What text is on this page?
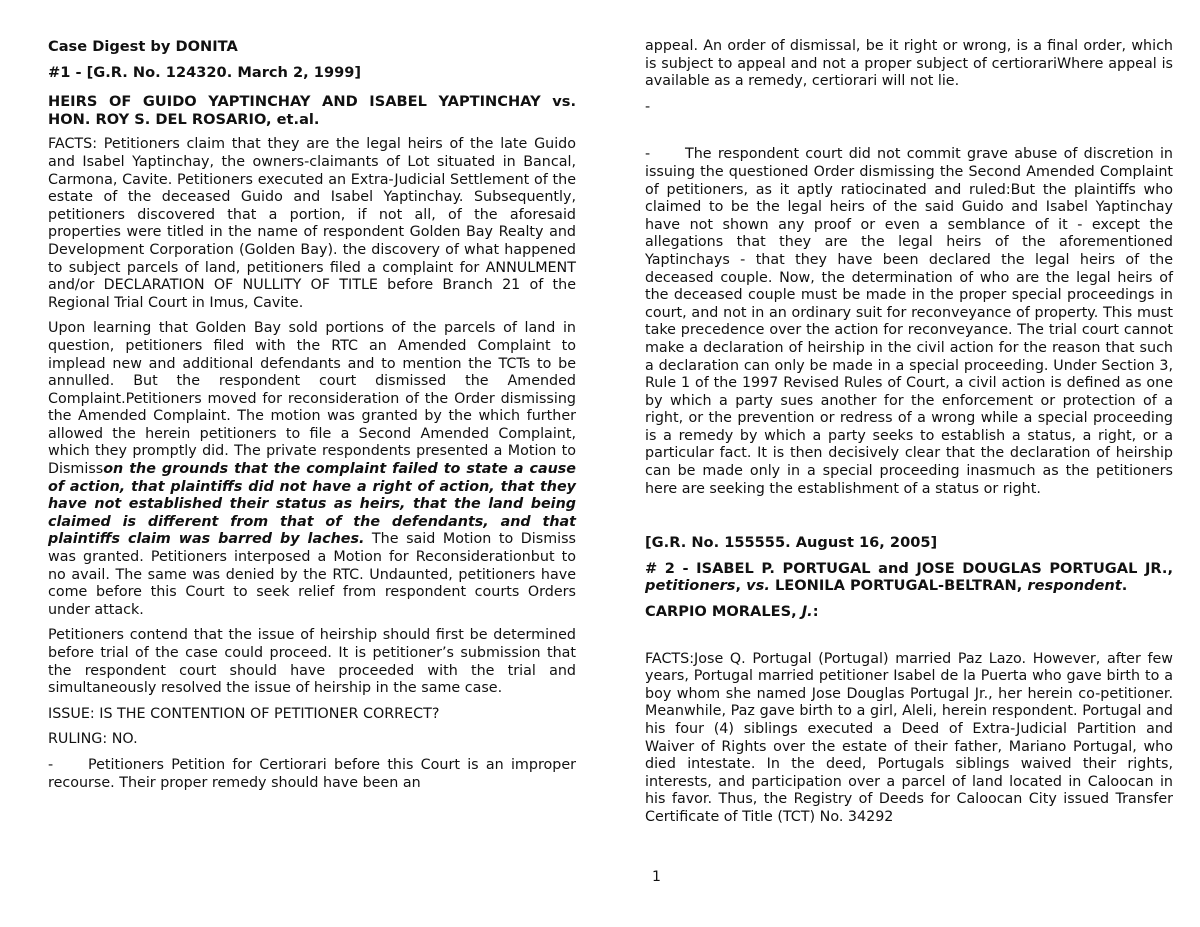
Case Digest by DONITA

#1 - [G.R. No. 124320. March 2, 1999]

HEIRS OF GUIDO YAPTINCHAY AND ISABEL YAPTINCHAY vs. HON. ROY S. DEL ROSARIO, et.al.

FACTS: Petitioners claim that they are the legal heirs of the late Guido and Isabel Yaptinchay, the owners-claimants of Lot situated in Bancal, Carmona, Cavite. Petitioners executed an Extra-Judicial Settlement of the estate of the deceased Guido and Isabel Yaptinchay. Subsequently, petitioners discovered that a portion, if not all, of the aforesaid properties were titled in the name of respondent Golden Bay Realty and Development Corporation (Golden Bay). the discovery of what happened to subject parcels of land, petitioners filed a complaint for ANNULMENT and/or DECLARATION OF NULLITY OF TITLE before Branch 21 of the Regional Trial Court in Imus, Cavite.

Upon learning that Golden Bay sold portions of the parcels of land in question, petitioners filed with the RTC an Amended Complaint to implead new and additional defendants and to mention the TCTs to be annulled. But the respondent court dismissed the Amended Complaint.Petitioners moved for reconsideration of the Order dismissing the Amended Complaint. The motion was granted by the which further allowed the herein petitioners to file a Second Amended Complaint, which they promptly did. The private respondents presented a Motion to Dismisson the grounds that the complaint failed to state a cause of action, that plaintiffs did not have a right of action, that they have not established their status as heirs, that the land being claimed is different from that of the defendants, and that plaintiffs claim was barred by laches. The said Motion to Dismiss was granted. Petitioners interposed a Motion for Reconsiderationbut to no avail. The same was denied by the RTC. Undaunted, petitioners have come before this Court to seek relief from respondent courts Orders under attack.

Petitioners contend that the issue of heirship should first be determined before trial of the case could proceed. It is petitioner’s submission that the respondent court should have proceeded with the trial and simultaneously resolved the issue of heirship in the same case.

ISSUE: IS THE CONTENTION OF PETITIONER CORRECT?

RULING: NO.

- Petitioners Petition for Certiorari before this Court is an improper recourse. Their proper remedy should have been an

appeal. An order of dismissal, be it right or wrong, is a final order, which is subject to appeal and not a proper subject of certiorariWhere appeal is available as a remedy, certiorari will not lie.

-

- The respondent court did not commit grave abuse of discretion in issuing the questioned Order dismissing the Second Amended Complaint of petitioners, as it aptly ratiocinated and ruled:But the plaintiffs who claimed to be the legal heirs of the said Guido and Isabel Yaptinchay have not shown any proof or even a semblance of it - except the allegations that they are the legal heirs of the aforementioned Yaptinchays - that they have been declared the legal heirs of the deceased couple. Now, the determination of who are the legal heirs of the deceased couple must be made in the proper special proceedings in court, and not in an ordinary suit for reconveyance of property. This must take precedence over the action for reconveyance. The trial court cannot make a declaration of heirship in the civil action for the reason that such a declaration can only be made in a special proceeding. Under Section 3, Rule 1 of the 1997 Revised Rules of Court, a civil action is defined as one by which a party sues another for the enforcement or protection of a right, or the prevention or redress of a wrong while a special proceeding is a remedy by which a party seeks to establish a status, a right, or a particular fact. It is then decisively clear that the declaration of heirship can be made only in a special proceeding inasmuch as the petitioners here are seeking the establishment of a status or right.

[G.R. No. 155555. August 16, 2005]

# 2 - ISABEL P. PORTUGAL and JOSE DOUGLAS PORTUGAL JR., petitioners, vs. LEONILA PORTUGAL-BELTRAN, respondent.

CARPIO MORALES, J.:

FACTS:Jose Q. Portugal (Portugal) married Paz Lazo. However, after few years, Portugal married petitioner Isabel de la Puerta who gave birth to a boy whom she named Jose Douglas Portugal Jr., her herein co-petitioner. Meanwhile, Paz gave birth to a girl, Aleli, herein respondent. Portugal and his four (4) siblings executed a Deed of Extra-Judicial Partition and Waiver of Rights over the estate of their father, Mariano Portugal, who died intestate. In the deed, Portugals siblings waived their rights, interests, and participation over a parcel of land located in Caloocan in his favor. Thus, the Registry of Deeds for Caloocan City issued Transfer Certificate of Title (TCT) No. 34292

1
